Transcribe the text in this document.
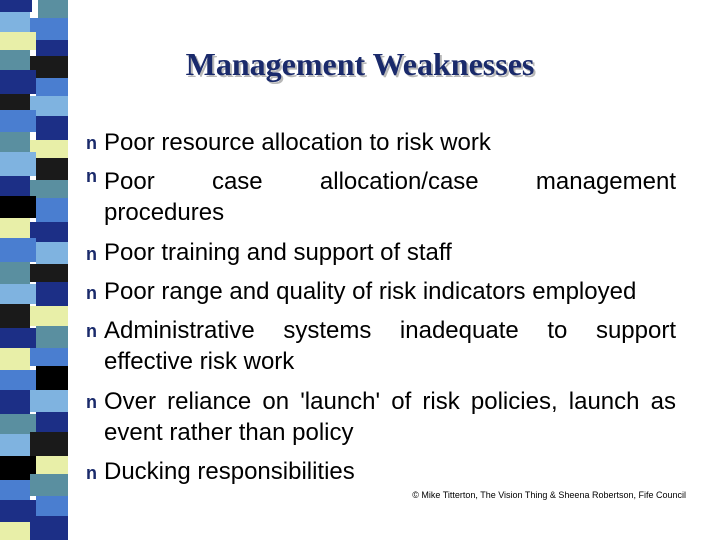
Management Weaknesses
n Poor resource allocation to risk work
n Poor case allocation/case management
procedures
n Poor training and support of staff
n Poor range and quality of risk indicators employed
n Administrative systems inadequate to support
effective risk work
n Over reliance on 'launch' of risk policies, launch as
event rather than policy
n Ducking responsibilities
© Mike Titterton, The Vision Thing & Sheena Robertson, Fife Council
